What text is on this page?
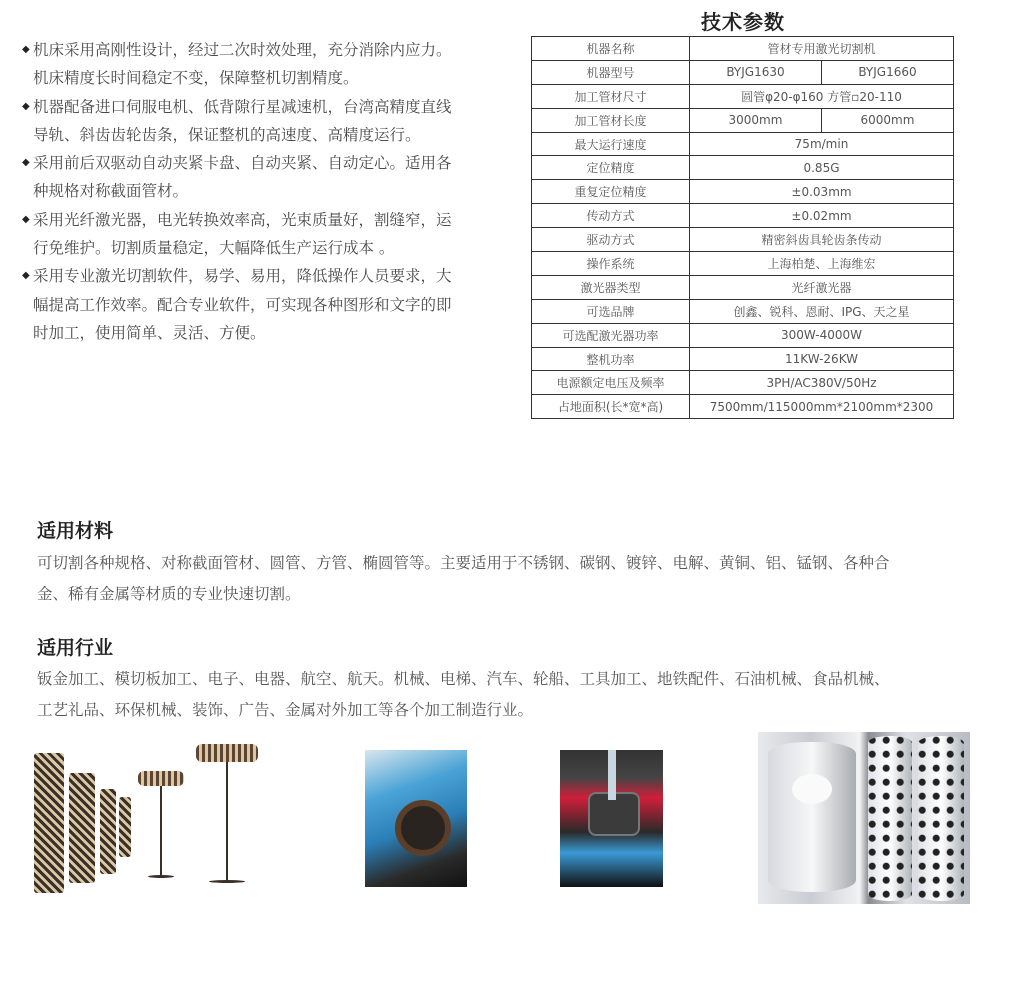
◆ 机床采用高刚性设计，经过二次时效处理，充分消除内应力。
机床精度长时间稳定不变，保障整机切割精度。
◆ 机器配备进口伺服电机、低背隙行星减速机，台湾高精度直线
导轨、斜齿齿轮齿条，保证整机的高速度、高精度运行。
◆ 采用前后双驱动自动夹紧卡盘、自动夹紧、自动定心。适用各
种规格对称截面管材。
◆ 采用光纤激光器，电光转换效率高，光束质量好，割缝窄，运
行免维护。切割质量稳定，大幅降低生产运行成本 。
◆ 采用专业激光切割软件，易学、易用，降低操作人员要求，大
幅提高工作效率。配合专业软件，可实现各种图形和文字的即
时加工，使用简单、灵活、方便。
技术参数
机器名称	管材专用激光切割机	
机器型号	BYJG1630	BYJG1660
加工管材尺寸	圆管φ20-φ160 方管▫20-110	
加工管材长度	3000mm	6000mm
最大运行速度	75m/min	
定位精度	0.85G	
重复定位精度	±0.03mm	
传动方式	±0.02mm	
驱动方式	精密斜齿具轮齿条传动	
操作系统	上海柏楚、上海维宏	
激光器类型	光纤激光器	
可选品牌	创鑫、锐科、恩耐、IPG、天之星	
可选配激光器功率	300W-4000W	
整机功率	11KW-26KW	
电源额定电压及频率	3PH/AC380V/50Hz	
占地面积(长*宽*高)	7500mm/115000mm*2100mm*2300	
适用材料
可切割各种规格、对称截面管材、圆管、方管、椭圆管等。主要适用于不锈钢、碳钢、镀锌、电解、黄铜、铝、锰钢、各种合
金、稀有金属等材质的专业快速切割。
适用行业
钣金加工、模切板加工、电子、电器、航空、航天。机械、电梯、汽车、轮船、工具加工、地铁配件、石油机械、食品机械、
工艺礼品、环保机械、装饰、广告、金属对外加工等各个加工制造行业。
